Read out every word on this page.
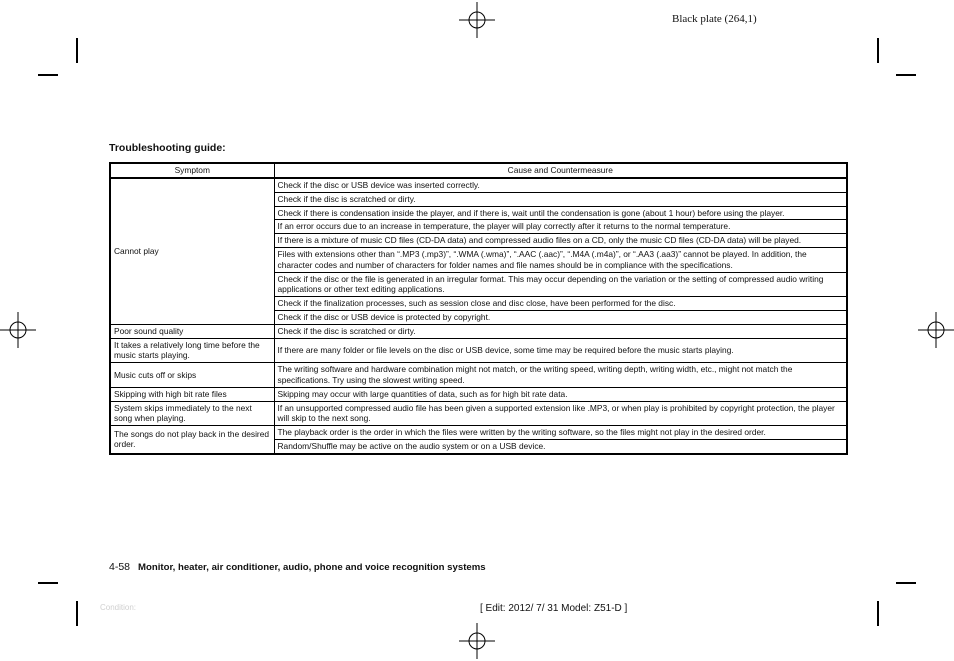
Black plate (264,1)
Troubleshooting guide:
Symptom	Cause and Countermeasure
Cannot play	Check if the disc or USB device was inserted correctly.
	Check if the disc is scratched or dirty.
	Check if there is condensation inside the player, and if there is, wait until the condensation is gone (about 1 hour) before using the player.
	If an error occurs due to an increase in temperature, the player will play correctly after it returns to the normal temperature.
	If there is a mixture of music CD files (CD-DA data) and compressed audio files on a CD, only the music CD files (CD-DA data) will be played.
	Files with extensions other than “.MP3 (.mp3)”, “.WMA (.wma)”, “.AAC (.aac)”, “.M4A (.m4a)”, or “.AA3 (.aa3)” cannot be played. In addition, the character codes and number of characters for folder names and file names should be in compliance with the specifications.
	Check if the disc or the file is generated in an irregular format. This may occur depending on the variation or the setting of compressed audio writing applications or other text editing applications.
	Check if the finalization processes, such as session close and disc close, have been performed for the disc.
	Check if the disc or USB device is protected by copyright.
Poor sound quality	Check if the disc is scratched or dirty.
It takes a relatively long time before the music starts playing.	If there are many folder or file levels on the disc or USB device, some time may be required before the music starts playing.
Music cuts off or skips	The writing software and hardware combination might not match, or the writing speed, writing depth, writing width, etc., might not match the specifications. Try using the slowest writing speed.
Skipping with high bit rate files	Skipping may occur with large quantities of data, such as for high bit rate data.
System skips immediately to the next song when playing.	If an unsupported compressed audio file has been given a supported extension like .MP3, or when play is prohibited by copyright protection, the player will skip to the next song.
The songs do not play back in the desired order.	The playback order is the order in which the files were written by the writing software, so the files might not play in the desired order.
	Random/Shuffle may be active on the audio system or on a USB device.
4-58 Monitor, heater, air conditioner, audio, phone and voice recognition systems
Condition:	[ Edit: 2012/ 7/ 31 Model: Z51-D ]
